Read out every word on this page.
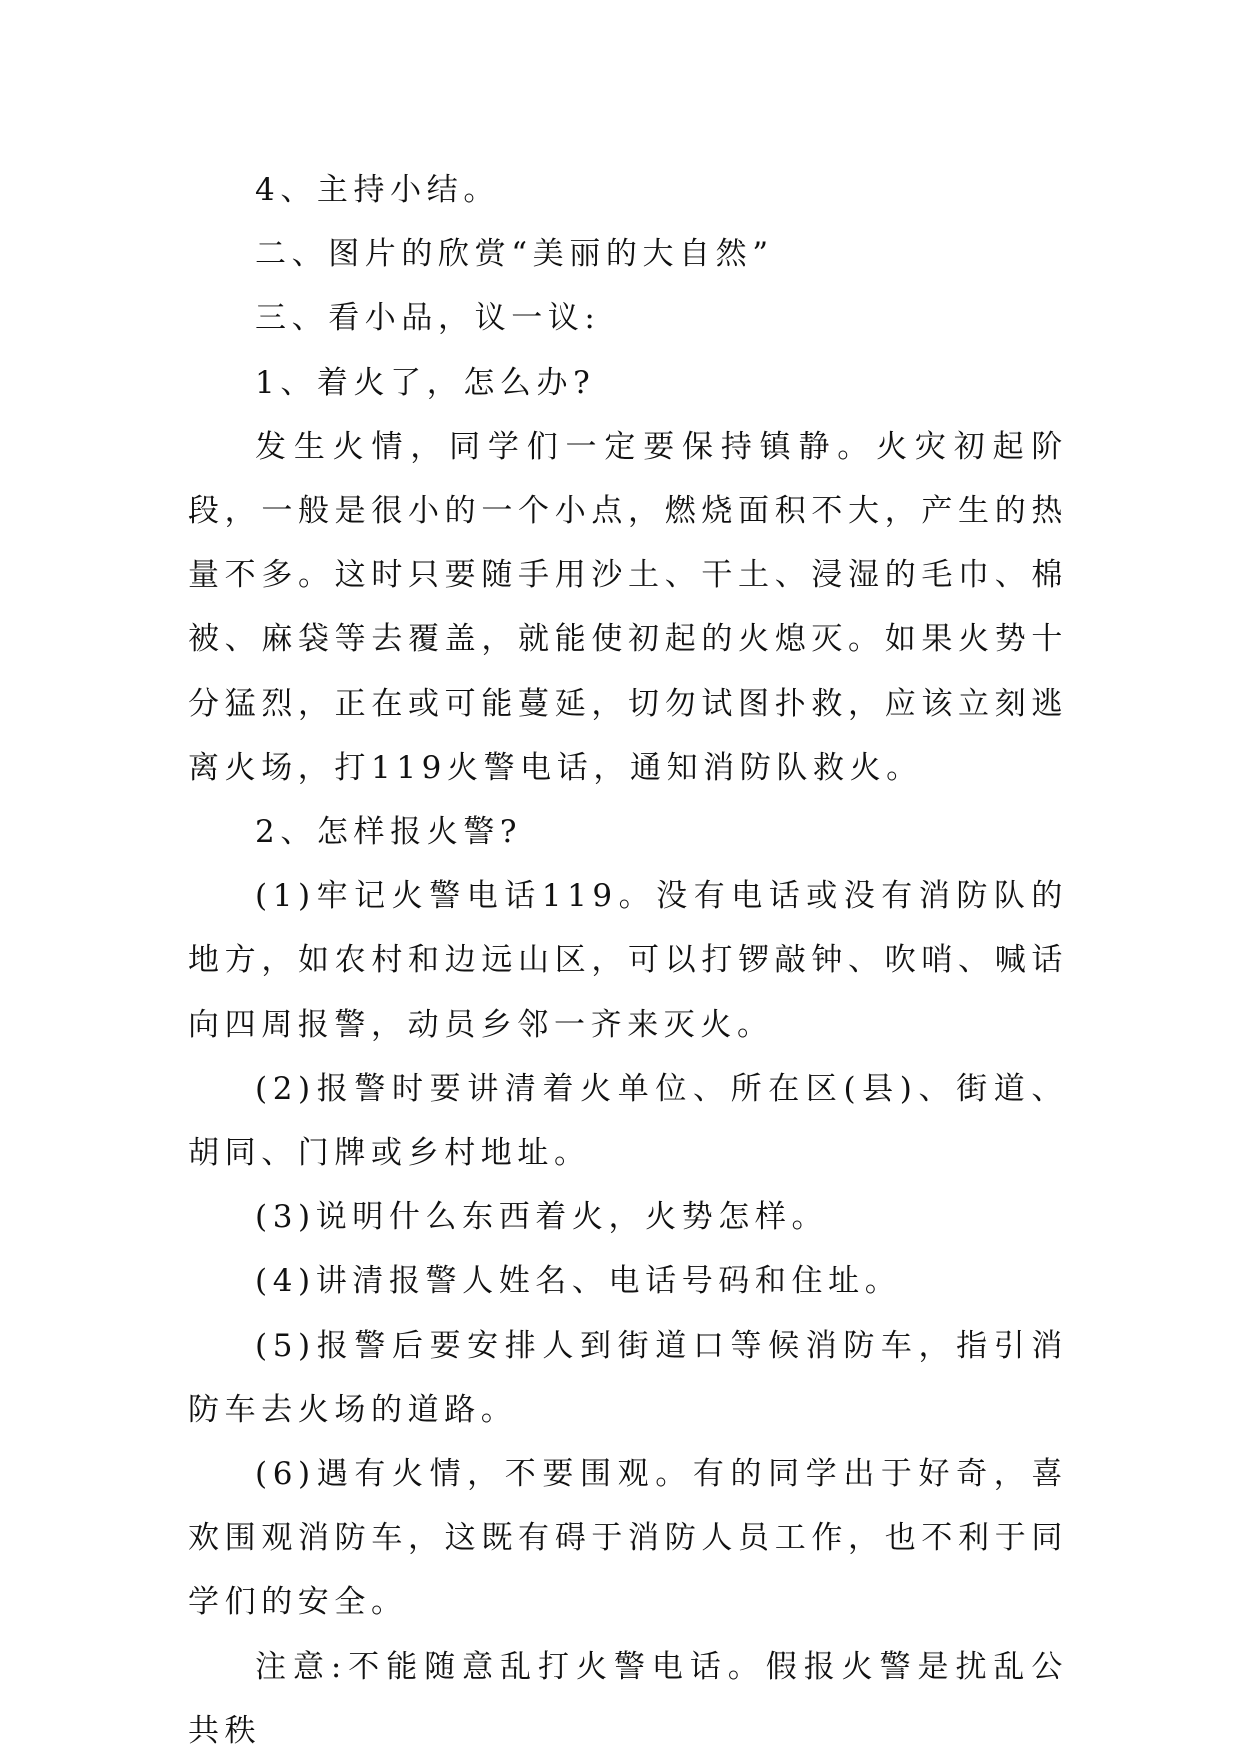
4、主持小结。

二、图片的欣赏“美丽的大自然”

三、看小品，议一议:

1、着火了，怎么办?

发生火情，同学们一定要保持镇静。火灾初起阶段，一般是很小的一个小点，燃烧面积不大，产生的热量不多。这时只要随手用沙土、干土、浸湿的毛巾、棉被、麻袋等去覆盖，就能使初起的火熄灭。如果火势十分猛烈，正在或可能蔓延，切勿试图扑救，应该立刻逃离火场，打119火警电话，通知消防队救火。

2、怎样报火警?

(1)牢记火警电话119。没有电话或没有消防队的地方，如农村和边远山区，可以打锣敲钟、吹哨、喊话向四周报警，动员乡邻一齐来灭火。

(2)报警时要讲清着火单位、所在区(县)、街道、胡同、门牌或乡村地址。

(3)说明什么东西着火，火势怎样。

(4)讲清报警人姓名、电话号码和住址。

(5)报警后要安排人到街道口等候消防车，指引消防车去火场的道路。

(6)遇有火情，不要围观。有的同学出于好奇，喜欢围观消防车，这既有碍于消防人员工作，也不利于同学们的安全。

注意:不能随意乱打火警电话。假报火警是扰乱公共秩
